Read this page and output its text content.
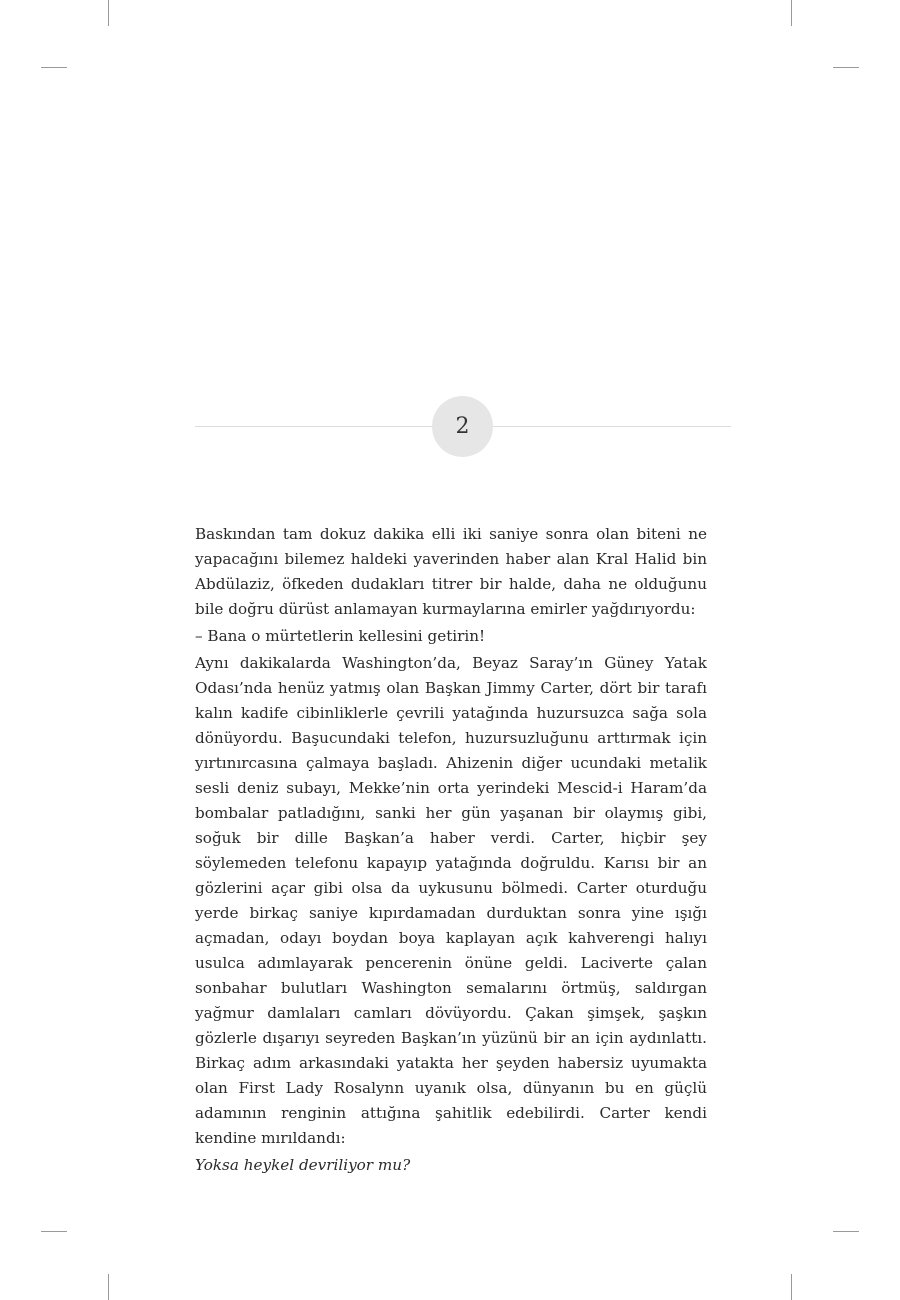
2

Baskından tam dokuz dakika elli iki saniye sonra olan biteni ne yapacağını bilemez haldeki yaverinden haber alan Kral Halid bin Abdülaziz, öfkeden dudakları titrer bir halde, daha ne olduğunu bile doğru dürüst anlamayan kurmaylarına emirler yağdırıyordu:

– Bana o mürtetlerin kellesini getirin!

Aynı dakikalarda Washington’da, Beyaz Saray’ın Güney Yatak Odası’nda henüz yatmış olan Başkan Jimmy Carter, dört bir tarafı kalın kadife cibinliklerle çevrili yatağında huzursuzca sağa sola dönüyordu. Başucundaki telefon, huzursuzluğunu arttırmak için yırtınırcasına çalmaya başladı. Ahizenin diğer ucundaki metalik sesli deniz subayı, Mekke’nin orta yerindeki Mescid-i Haram’da bombalar patladığını, sanki her gün yaşanan bir olaymış gibi, soğuk bir dille Başkan’a haber verdi. Carter, hiçbir şey söylemeden telefonu kapayıp yatağında doğruldu. Karısı bir an gözlerini açar gibi olsa da uykusunu bölmedi. Carter oturduğu yerde birkaç saniye kıpırdamadan durduktan sonra yine ışığı açmadan, odayı boydan boya kaplayan açık kahverengi halıyı usulca adımlayarak pencerenin önüne geldi. Laciverte çalan sonbahar bulutları Washington semalarını örtmüş, saldırgan yağmur damlaları camları dövüyordu. Çakan şimşek, şaşkın gözlerle dışarıyı seyreden Başkan’ın yüzünü bir an için aydınlattı. Birkaç adım arkasındaki yatakta her şeyden habersiz uyumakta olan First Lady Rosalynn uyanık olsa, dünyanın bu en güçlü adamının renginin attığına şahitlik edebilirdi. Carter kendi kendine mırıldandı:

Yoksa heykel devriliyor mu?
